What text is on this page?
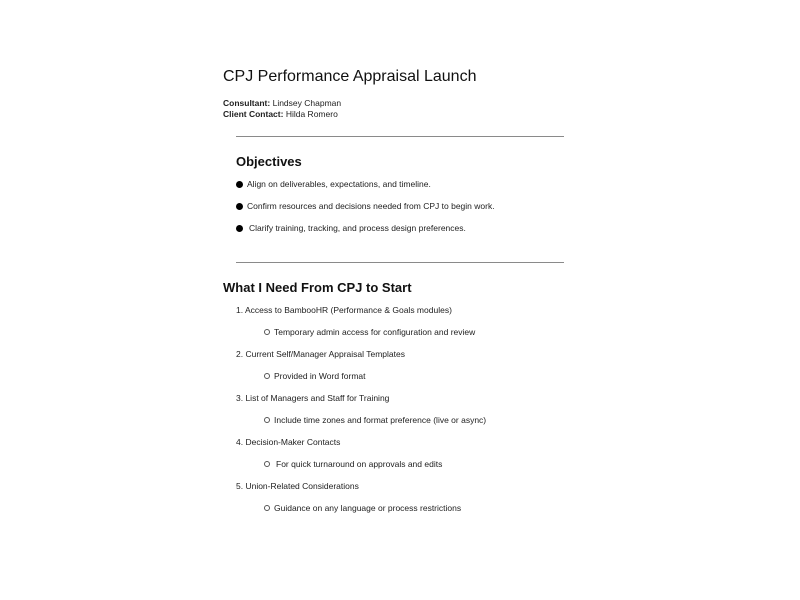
CPJ Performance Appraisal Launch
Consultant: Lindsey Chapman
Client Contact: Hilda Romero
Objectives
Align on deliverables, expectations, and timeline.
Confirm resources and decisions needed from CPJ to begin work.
Clarify training, tracking, and process design preferences.
What I Need From CPJ to Start
1. Access to BambooHR (Performance & Goals modules)
Temporary admin access for configuration and review
2. Current Self/Manager Appraisal Templates
Provided in Word format
3. List of Managers and Staff for Training
Include time zones and format preference (live or async)
4. Decision-Maker Contacts
For quick turnaround on approvals and edits
5. Union-Related Considerations
Guidance on any language or process restrictions
